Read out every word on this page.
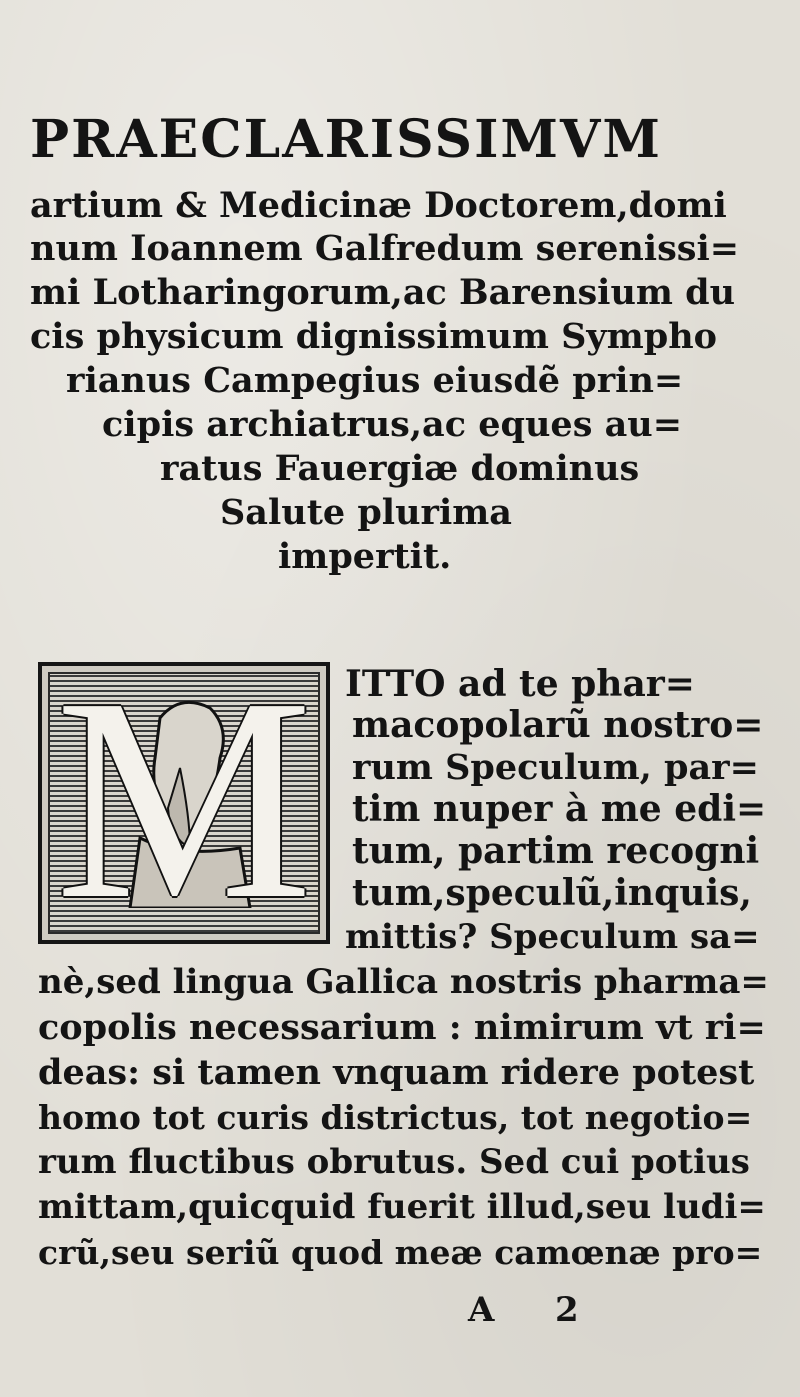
PRAECLARISSIMVM
artium & Medicinæ Doctorem,domi
num Ioannem Galfredum serenissi=
mi Lotharingorum,ac Barensium du
cis physicum dignissimum Sympho
rianus Campegius eiusdẽ prin=
cipis archiatrus,ac eques au=
ratus Fauergiæ dominus
Salute plurima
impertit.
M ITTO ad te phar=
macopolarũ nostro=
rum Speculum, par=
tim nuper à me edi=
tum, partim recogni
tum,speculũ,inquis,
mittis? Speculum sa=
nè,sed lingua Gallica nostris pharma=
copolis necessarium : nimirum vt ri=
deas: si tamen vnquam ridere potest
homo tot curis districtus, tot negotio=
rum fluctibus obrutus. Sed cui potius
mittam,quicquid fuerit illud,seu ludi=
crũ,seu seriũ quod meæ camœnæ pro=
A 2
